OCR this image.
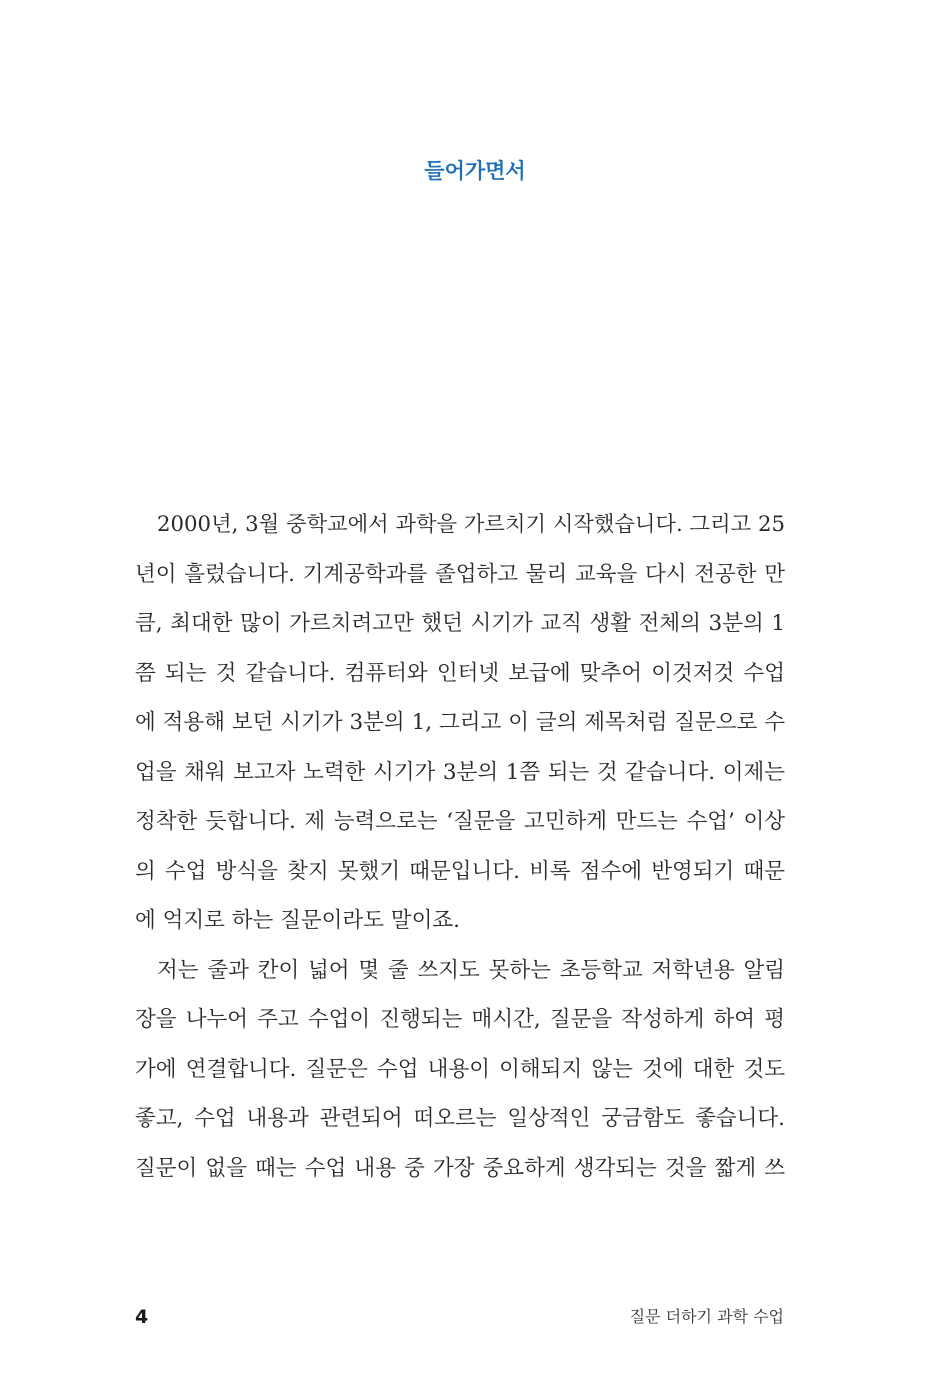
들어가면서

2000년, 3월 중학교에서 과학을 가르치기 시작했습니다. 그리고 25
년이 흘렀습니다. 기계공학과를 졸업하고 물리 교육을 다시 전공한 만
큼, 최대한 많이 가르치려고만 했던 시기가 교직 생활 전체의 3분의 1
쯤 되는 것 같습니다. 컴퓨터와 인터넷 보급에 맞추어 이것저것 수업
에 적용해 보던 시기가 3분의 1, 그리고 이 글의 제목처럼 질문으로 수
업을 채워 보고자 노력한 시기가 3분의 1쯤 되는 것 같습니다. 이제는
정착한 듯합니다. 제 능력으로는 ‘질문을 고민하게 만드는 수업’ 이상
의 수업 방식을 찾지 못했기 때문입니다. 비록 점수에 반영되기 때문
에 억지로 하는 질문이라도 말이죠.

저는 줄과 칸이 넓어 몇 줄 쓰지도 못하는 초등학교 저학년용 알림
장을 나누어 주고 수업이 진행되는 매시간, 질문을 작성하게 하여 평
가에 연결합니다. 질문은 수업 내용이 이해되지 않는 것에 대한 것도
좋고, 수업 내용과 관련되어 떠오르는 일상적인 궁금함도 좋습니다.
질문이 없을 때는 수업 내용 중 가장 중요하게 생각되는 것을 짧게 쓰

4	질문 더하기 과학 수업
